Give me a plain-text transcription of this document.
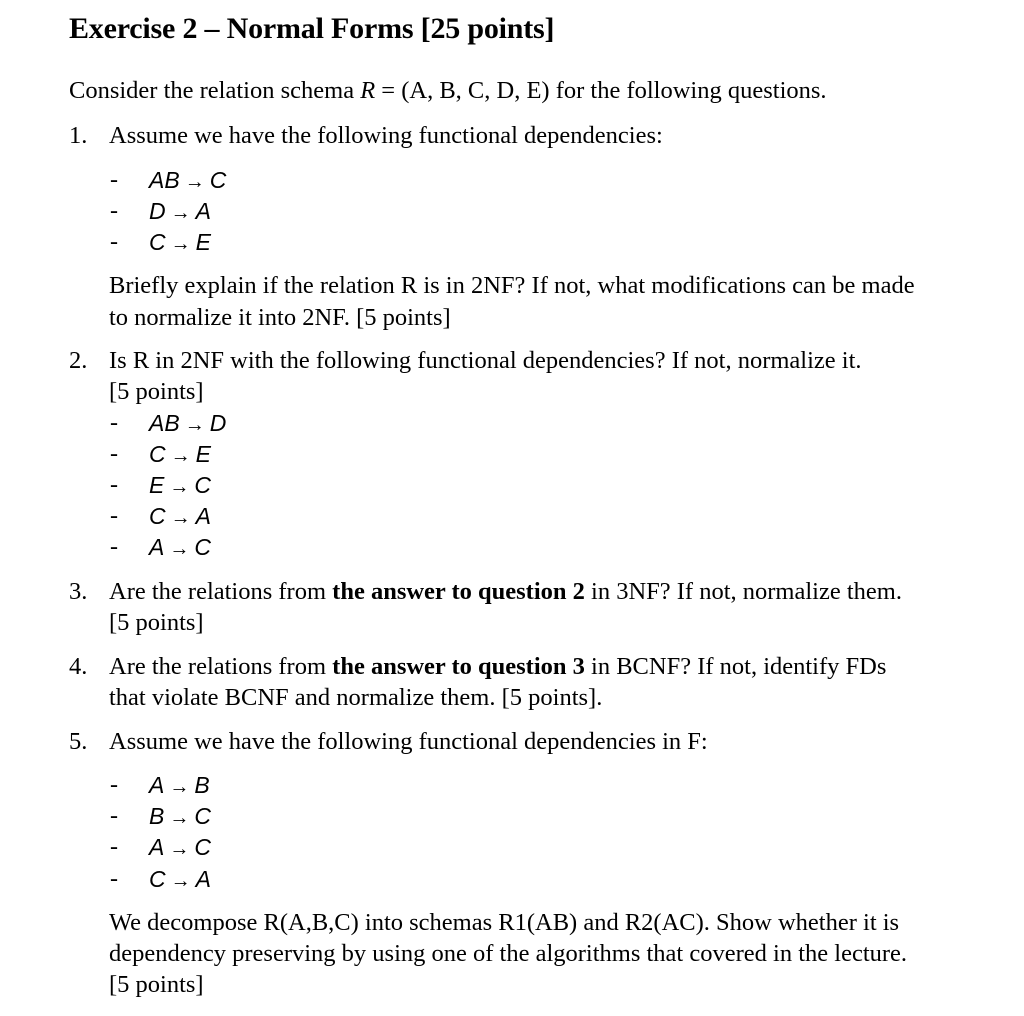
Exercise 2 – Normal Forms [25 points]
Consider the relation schema R = (A, B, C, D, E) for the following questions.
1. Assume we have the following functional dependencies:
- AB → C
- D → A
- C → E
Briefly explain if the relation R is in 2NF? If not, what modifications can be made
to normalize it into 2NF. [5 points]
2. Is R in 2NF with the following functional dependencies? If not, normalize it.
[5 points]
- AB → D
- C → E
- E → C
- C → A
- A → C
3. Are the relations from the answer to question 2 in 3NF? If not, normalize them.
[5 points]
4. Are the relations from the answer to question 3 in BCNF? If not, identify FDs
that violate BCNF and normalize them. [5 points].
5. Assume we have the following functional dependencies in F:
- A → B
- B → C
- A → C
- C → A
We decompose R(A,B,C) into schemas R1(AB) and R2(AC). Show whether it is
dependency preserving by using one of the algorithms that covered in the lecture.
[5 points]
